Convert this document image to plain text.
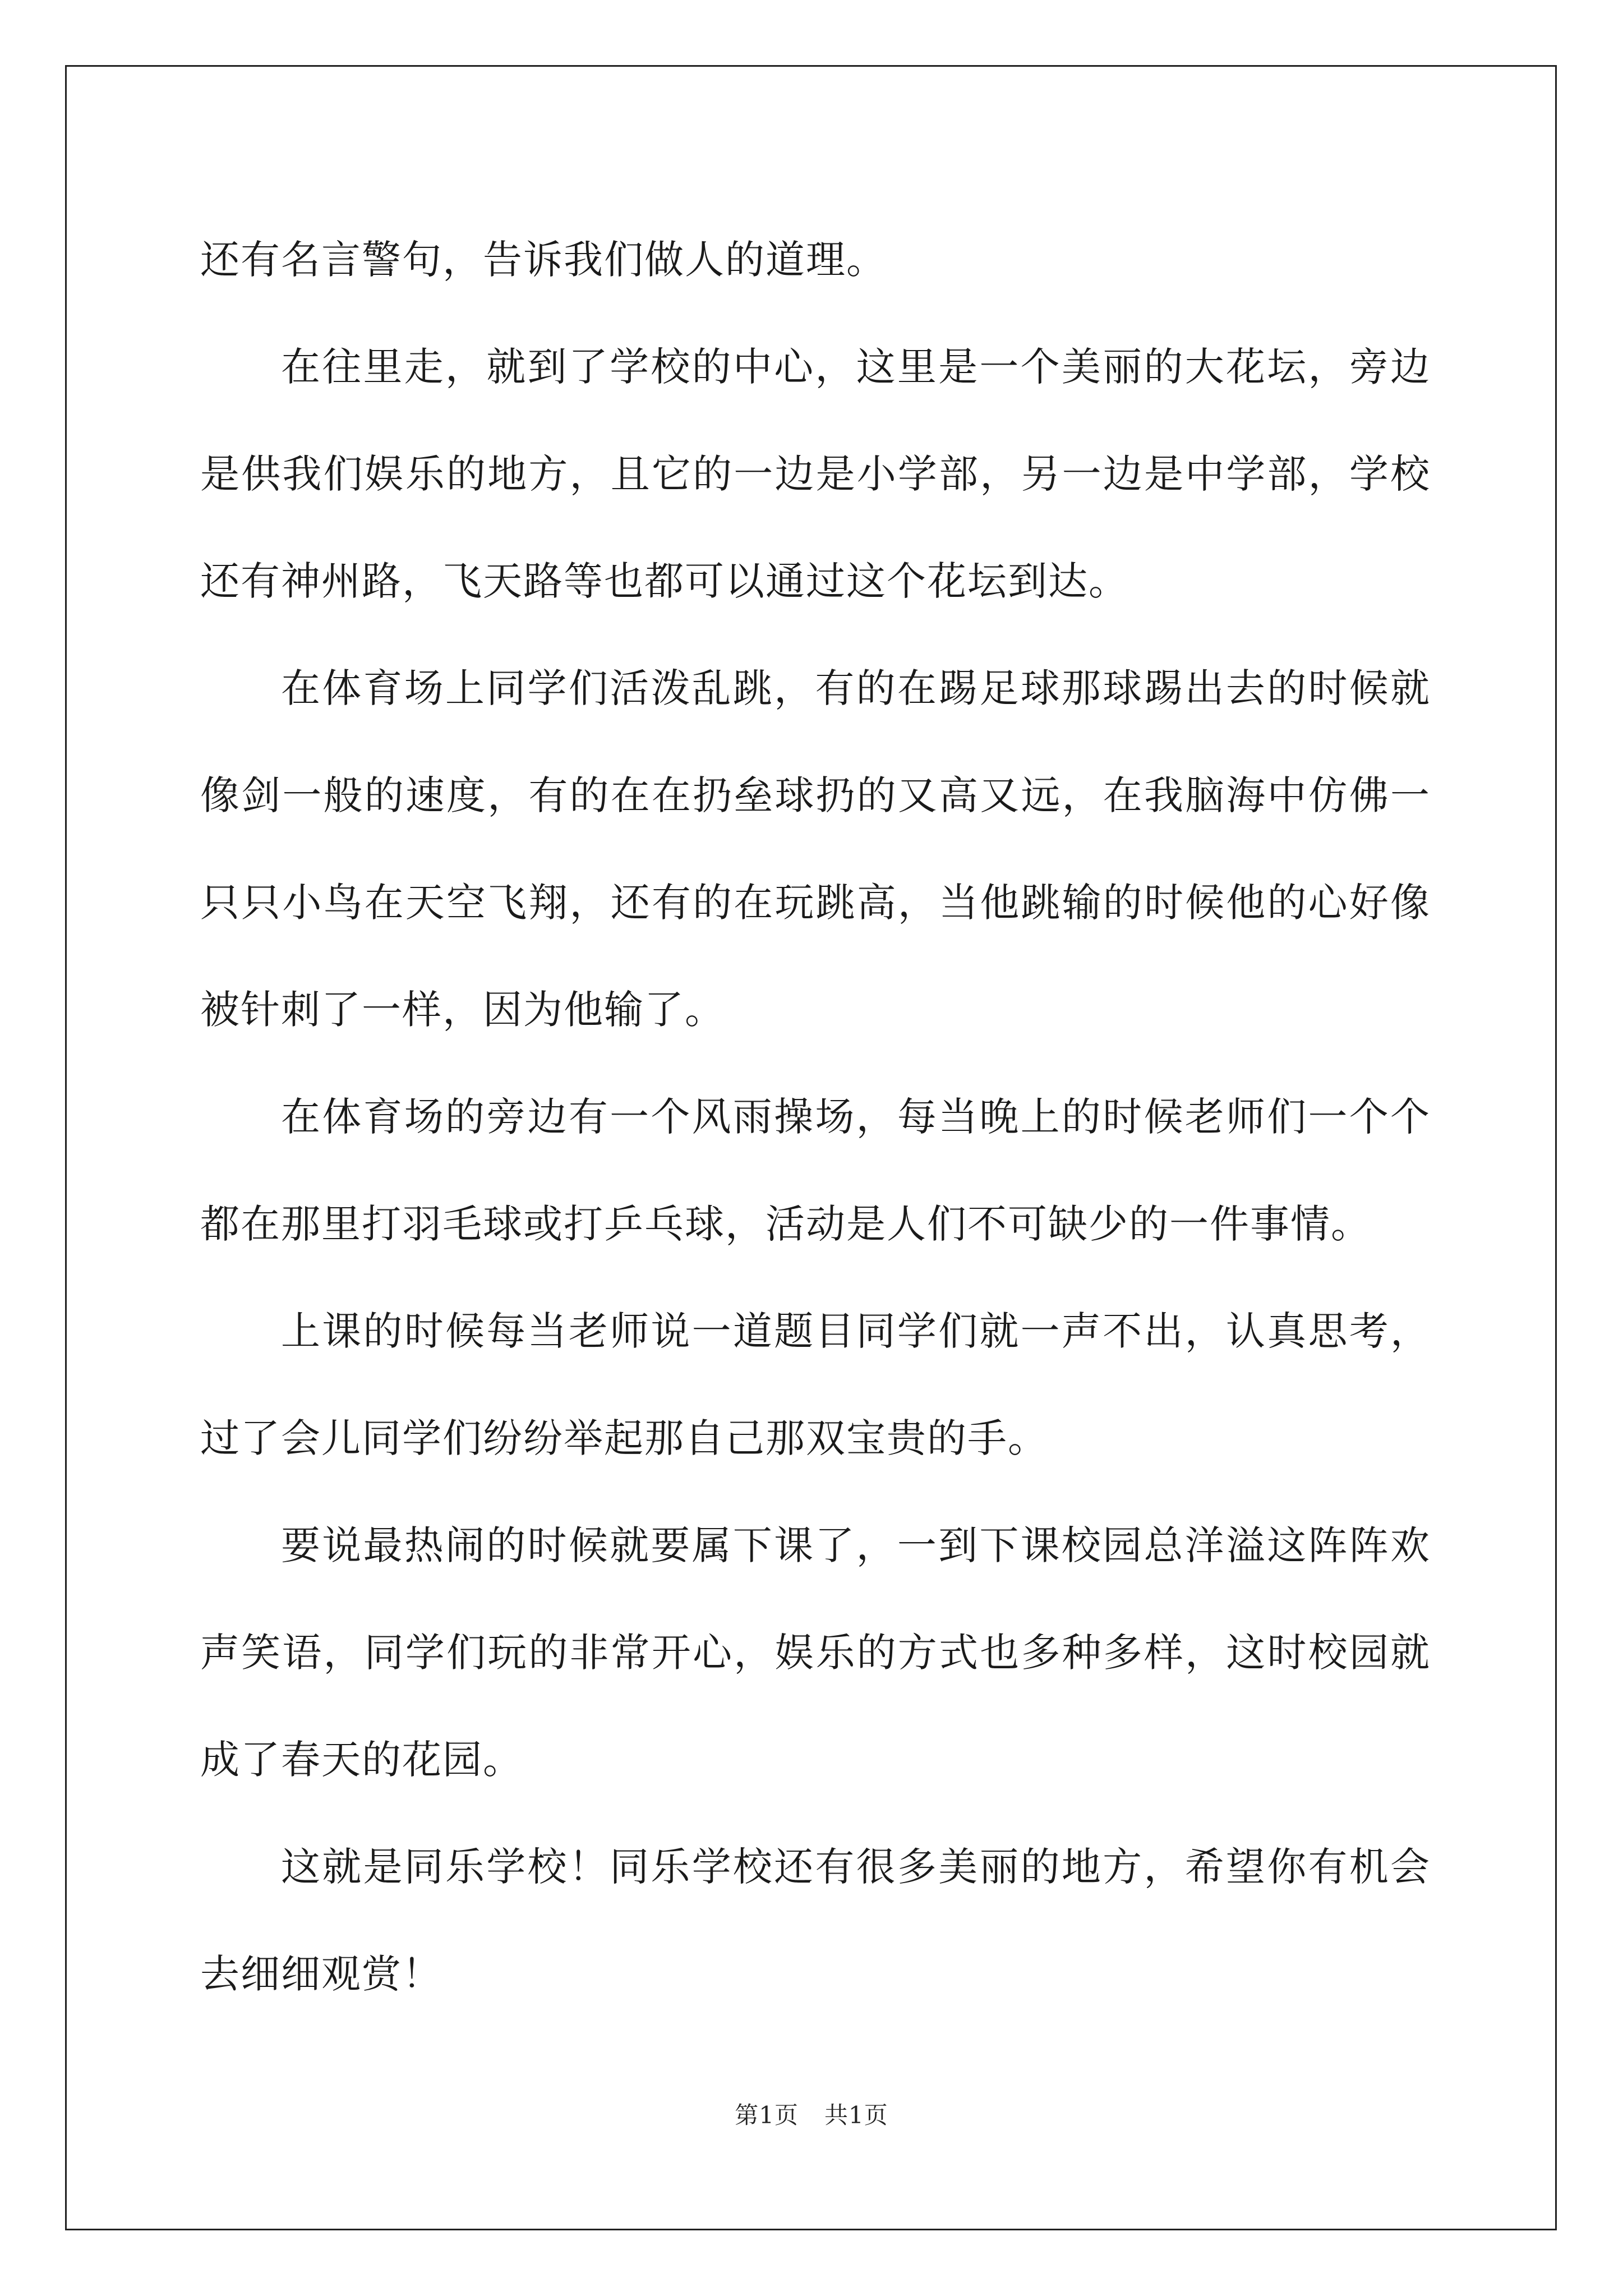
还有名言警句，告诉我们做人的道理。

在往里走，就到了学校的中心，这里是一个美丽的大花坛，旁边是供我们娱乐的地方，且它的一边是小学部，另一边是中学部，学校还有神州路，飞天路等也都可以通过这个花坛到达。

在体育场上同学们活泼乱跳，有的在踢足球那球踢出去的时候就像剑一般的速度，有的在在扔垒球扔的又高又远，在我脑海中仿佛一只只小鸟在天空飞翔，还有的在玩跳高，当他跳输的时候他的心好像被针刺了一样，因为他输了。

在体育场的旁边有一个风雨操场，每当晚上的时候老师们一个个都在那里打羽毛球或打乒乓球，活动是人们不可缺少的一件事情。

上课的时候每当老师说一道题目同学们就一声不出，认真思考，过了会儿同学们纷纷举起那自己那双宝贵的手。

要说最热闹的时候就要属下课了，一到下课校园总洋溢这阵阵欢声笑语，同学们玩的非常开心，娱乐的方式也多种多样，这时校园就成了春天的花园。

这就是同乐学校！同乐学校还有很多美丽的地方，希望你有机会去细细观赏！

第1页 共1页
